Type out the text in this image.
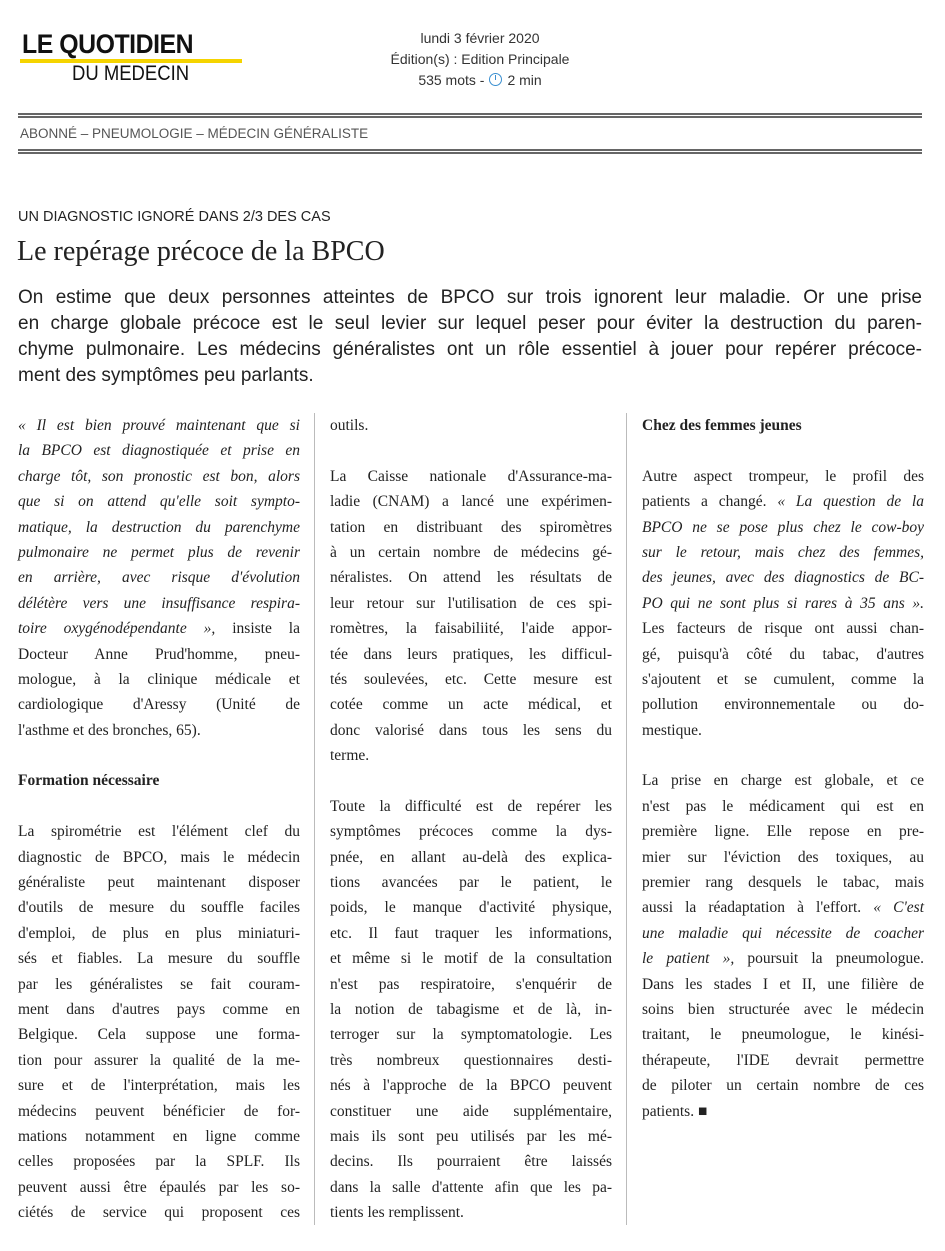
LE QUOTIDIEN
DU MEDECIN
lundi 3 février 2020
Édition(s) : Edition Principale
535 mots - 2 min
ABONNÉ – PNEUMOLOGIE – MÉDECIN GÉNÉRALISTE
UN DIAGNOSTIC IGNORÉ DANS 2/3 DES CAS
Le repérage précoce de la BPCO
On estime que deux personnes atteintes de BPCO sur trois ignorent leur maladie. Or une prise
en charge globale précoce est le seul levier sur lequel peser pour éviter la destruction du paren-
chyme pulmonaire. Les médecins généralistes ont un rôle essentiel à jouer pour repérer précoce-
ment des symptômes peu parlants.
« Il est bien prouvé maintenant que si
la BPCO est diagnostiquée et prise en
charge tôt, son pronostic est bon, alors
que si on attend qu'elle soit sympto-
matique, la destruction du parenchyme
pulmonaire ne permet plus de revenir
en arrière, avec risque d'évolution
délétère vers une insuffisance respira-
toire oxygénodépendante », insiste la
Docteur Anne Prud'homme, pneu-
mologue, à la clinique médicale et
cardiologique d'Aressy (Unité de
l'asthme et des bronches, 65).
Formation nécessaire
La spirométrie est l'élément clef du
diagnostic de BPCO, mais le médecin
généraliste peut maintenant disposer
d'outils de mesure du souffle faciles
d'emploi, de plus en plus miniaturi-
sés et fiables. La mesure du souffle
par les généralistes se fait couram-
ment dans d'autres pays comme en
Belgique. Cela suppose une forma-
tion pour assurer la qualité de la me-
sure et de l'interprétation, mais les
médecins peuvent bénéficier de for-
mations notamment en ligne comme
celles proposées par la SPLF. Ils
peuvent aussi être épaulés par les so-
ciétés de service qui proposent ces
outils.
La Caisse nationale d'Assurance-ma-
ladie (CNAM) a lancé une expérimen-
tation en distribuant des spiromètres
à un certain nombre de médecins gé-
néralistes. On attend les résultats de
leur retour sur l'utilisation de ces spi-
romètres, la faisabiliité, l'aide appor-
tée dans leurs pratiques, les difficul-
tés soulevées, etc. Cette mesure est
cotée comme un acte médical, et
donc valorisé dans tous les sens du
terme.
Toute la difficulté est de repérer les
symptômes précoces comme la dys-
pnée, en allant au-delà des explica-
tions avancées par le patient, le
poids, le manque d'activité physique,
etc. Il faut traquer les informations,
et même si le motif de la consultation
n'est pas respiratoire, s'enquérir de
la notion de tabagisme et de là, in-
terroger sur la symptomatologie. Les
très nombreux questionnaires desti-
nés à l'approche de la BPCO peuvent
constituer une aide supplémentaire,
mais ils sont peu utilisés par les mé-
decins. Ils pourraient être laissés
dans la salle d'attente afin que les pa-
tients les remplissent.
Chez des femmes jeunes
Autre aspect trompeur, le profil des
patients a changé. « La question de la
BPCO ne se pose plus chez le cow-boy
sur le retour, mais chez des femmes,
des jeunes, avec des diagnostics de BC-
PO qui ne sont plus si rares à 35 ans ».
Les facteurs de risque ont aussi chan-
gé, puisqu'à côté du tabac, d'autres
s'ajoutent et se cumulent, comme la
pollution environnementale ou do-
mestique.
La prise en charge est globale, et ce
n'est pas le médicament qui est en
première ligne. Elle repose en pre-
mier sur l'éviction des toxiques, au
premier rang desquels le tabac, mais
aussi la réadaptation à l'effort. « C'est
une maladie qui nécessite de coacher
le patient », poursuit la pneumologue.
Dans les stades I et II, une filière de
soins bien structurée avec le médecin
traitant, le pneumologue, le kinési-
thérapeute, l'IDE devrait permettre
de piloter un certain nombre de ces
patients. ■
